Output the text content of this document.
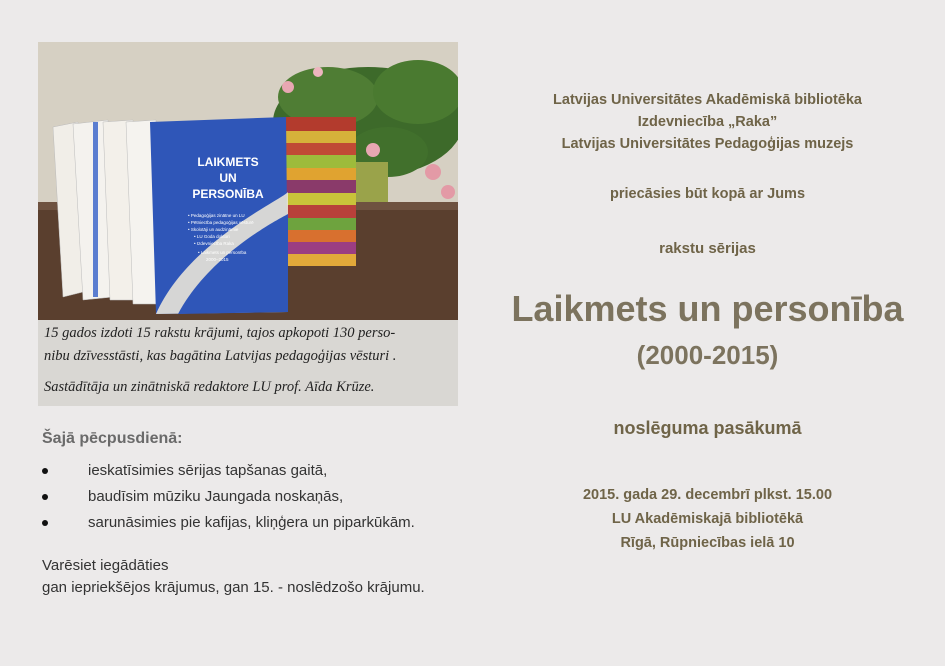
LAIKMETS
UN
PERSONĪBA
• Pedagoģijas zinātne un LU
• Pētniecība pedagoģijas vēsturē
• Skolotāji un audzināmie
• LU Goda doktori
• Izdevniecība Raka
• Laikmets un personība
2000–2015

15 gados izdoti 15 rakstu krājumi, tajos apkopoti 130 perso-

nibu dzīvesstāsti, kas bagātina Latvijas pedagoģijas vēsturi .

Sastādītāja un zinātniskā redaktore LU prof. Aīda Krūze.

Šajā pēcpusdienā:
ieskatīsimies sērijas tapšanas gaitā,
baudīsim mūziku Jaungada noskaņās,
sarunāsimies pie kafijas, kliņģera un piparkūkām.
Varēsiet iegādāties
gan iepriekšējos krājumus, gan 15. - noslēdzošo krājumu.
Latvijas Universitātes Akadēmiskā bibliotēka
Izdevniecība „Raka”
Latvijas Universitātes Pedagoģijas muzejs
priecāsies būt kopā ar Jums
rakstu sērijas
Laikmets un personība
(2000-2015)
noslēguma pasākumā
2015. gada 29. decembrī plkst. 15.00
LU Akadēmiskajā bibliotēkā
Rīgā, Rūpniecības ielā 10
